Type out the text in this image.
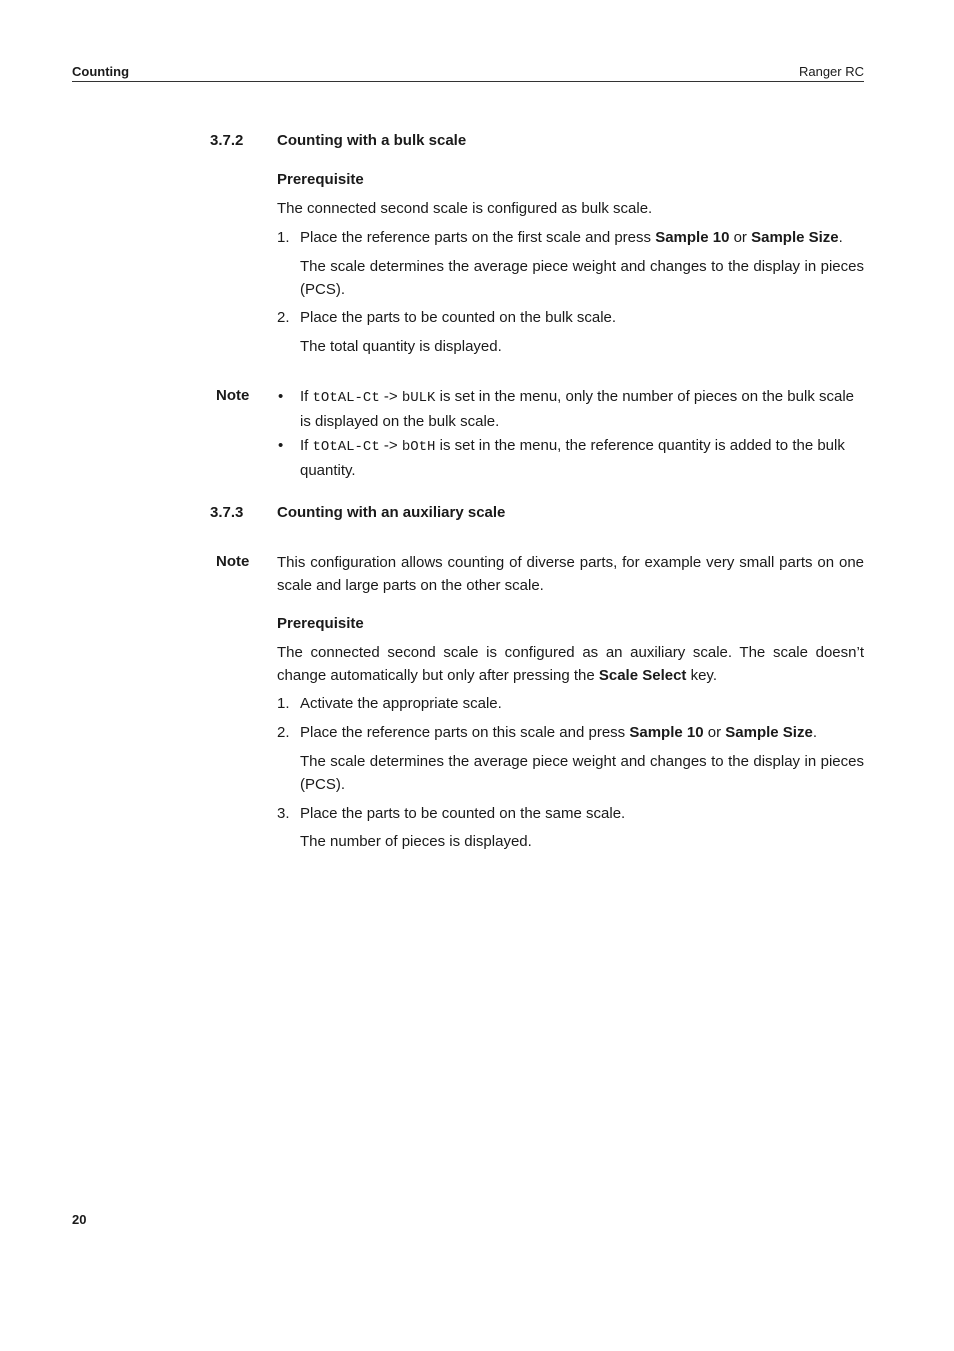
Counting	Ranger RC
3.7.2 Counting with a bulk scale
Prerequisite
The connected second scale is configured as bulk scale.
1. Place the reference parts on the first scale and press Sample 10 or Sample Size.
The scale determines the average piece weight and changes to the display in pieces (PCS).
2. Place the parts to be counted on the bulk scale.
The total quantity is displayed.
Note • If tOtAL-Ct -> bULK is set in the menu, only the number of pieces on the bulk scale is displayed on the bulk scale.
• If tOtAL-Ct -> bOtH is set in the menu, the reference quantity is added to the bulk quantity.
3.7.3 Counting with an auxiliary scale
Note This configuration allows counting of diverse parts, for example very small parts on one scale and large parts on the other scale.
Prerequisite
The connected second scale is configured as an auxiliary scale. The scale doesn’t change automatically but only after pressing the Scale Select key.
1. Activate the appropriate scale.
2. Place the reference parts on this scale and press Sample 10 or Sample Size.
The scale determines the average piece weight and changes to the display in pieces (PCS).
3. Place the parts to be counted on the same scale.
The number of pieces is displayed.
20
